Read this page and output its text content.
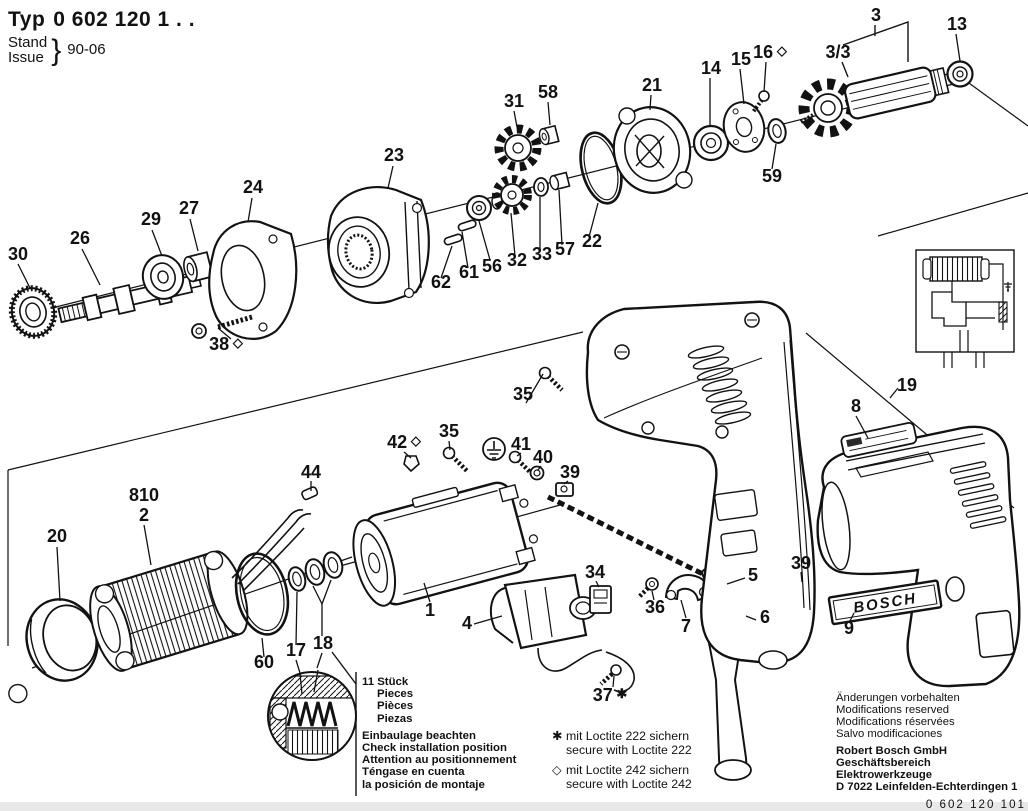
BOSCH
30
26
29
27
24
23
38 ◇
62 61 56 32 33 57 22
31 58	21
14 15 16 ◇
3
3/3
13
59
20
810
2
44
60
17 18
42 ◇ 35
41
40
39
35
1
4
34
36
7
5
6
37 ✱
39
19
8
9
Typ 0 602 120 1 . .
Stand
Issue } 90-06
11 Stück
Pieces
Pièces
Piezas
Einbaulage beachten
Check installation position
Attention au positionnement
Téngase en cuenta
la posición de montaje
✱ mit Loctite 222 sichern
secure with Loctite 222
◇ mit Loctite 242 sichern
secure with Loctite 242
Änderungen vorbehalten
Modifications reserved
Modifications réservées
Salvo modificaciones
Robert Bosch GmbH
Geschäftsbereich Elektrowerkzeuge
D 7022 Leinfelden-Echterdingen 1
0 602 120 101
